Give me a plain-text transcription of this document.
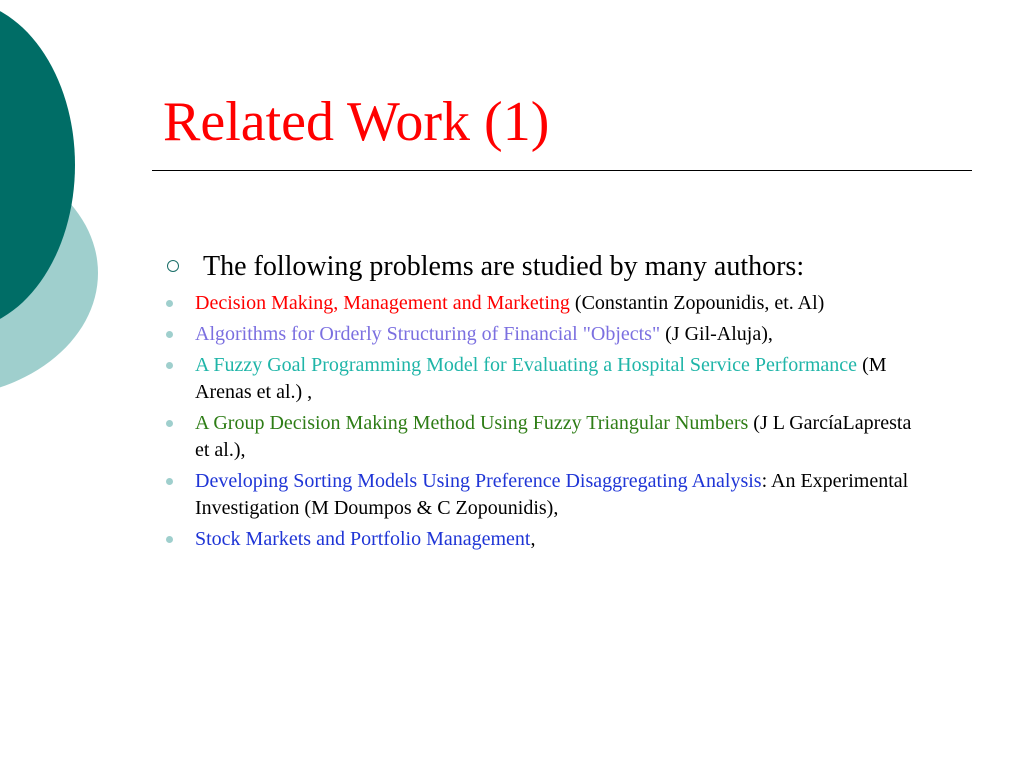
Related Work (1)
The following problems are studied by many authors:
Decision Making, Management and Marketing (Constantin Zopounidis, et. Al)
Algorithms for Orderly Structuring of Financial "Objects" (J Gil-Aluja),
A Fuzzy Goal Programming Model for Evaluating a Hospital Service Performance (M Arenas et al.) ,
A Group Decision Making Method Using Fuzzy Triangular Numbers (J L GarcíaLapresta et al.),
Developing Sorting Models Using Preference Disaggregating Analysis: An Experimental Investigation (M Doumpos & C Zopounidis),
Stock Markets and Portfolio Management,
